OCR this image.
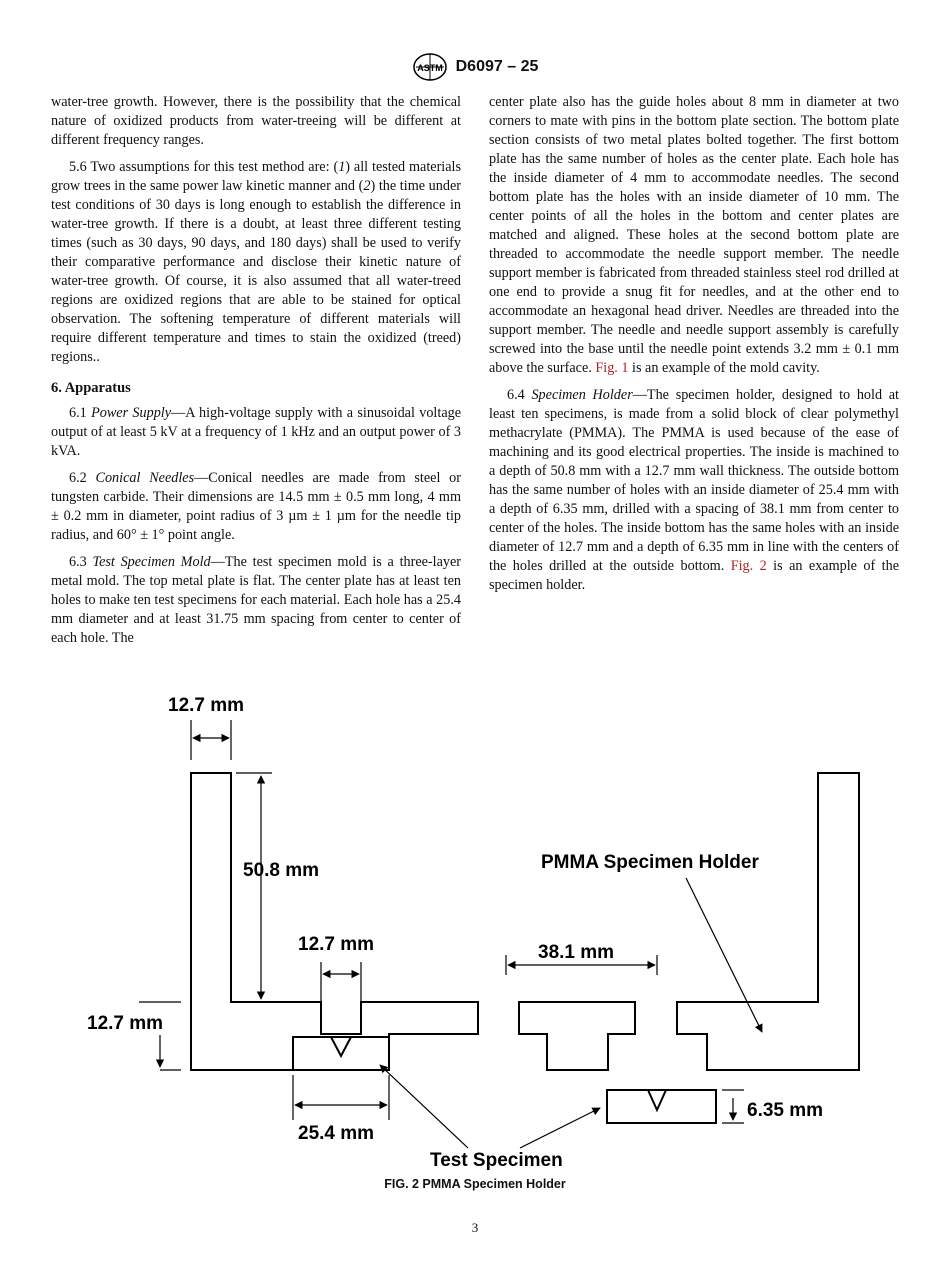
ASTM D6097 – 25

water-tree growth. However, there is the possibility that the chemical nature of oxidized products from water-treeing will be different at different frequency ranges.

5.6 Two assumptions for this test method are: (1) all tested materials grow trees in the same power law kinetic manner and (2) the time under test conditions of 30 days is long enough to establish the difference in water-tree growth. If there is a doubt, at least three different testing times (such as 30 days, 90 days, and 180 days) shall be used to verify their comparative performance and disclose their kinetic nature of water-tree growth. Of course, it is also assumed that all water-treed regions are oxidized regions that are able to be stained for optical observation. The softening temperature of different materials will require different temperature and times to stain the oxidized (treed) regions..

6. Apparatus

6.1 Power Supply—A high-voltage supply with a sinusoidal voltage output of at least 5 kV at a frequency of 1 kHz and an output power of 3 kVA.

6.2 Conical Needles—Conical needles are made from steel or tungsten carbide. Their dimensions are 14.5 mm ± 0.5 mm long, 4 mm ± 0.2 mm in diameter, point radius of 3 µm ± 1 µm for the needle tip radius, and 60° ± 1° point angle.

6.3 Test Specimen Mold—The test specimen mold is a three-layer metal mold. The top metal plate is flat. The center plate has at least ten holes to make ten test specimens for each material. Each hole has a 25.4 mm diameter and at least 31.75 mm spacing from center to center of each hole. The

center plate also has the guide holes about 8 mm in diameter at two corners to mate with pins in the bottom plate section. The bottom plate section consists of two metal plates bolted together. The first bottom plate has the same number of holes as the center plate. Each hole has the inside diameter of 4 mm to accommodate needles. The second bottom plate has the holes with an inside diameter of 10 mm. The center points of all the holes in the bottom and center plates are matched and aligned. These holes at the second bottom plate are threaded to accommodate the needle support member. The needle support member is fabricated from threaded stainless steel rod drilled at one end to provide a snug fit for needles, and at the other end to accommodate an hexagonal head driver. Needles are threaded into the support member. The needle and needle support assembly is carefully screwed into the base until the needle point extends 3.2 mm ± 0.1 mm above the surface. Fig. 1 is an example of the mold cavity.

6.4 Specimen Holder—The specimen holder, designed to hold at least ten specimens, is made from a solid block of clear polymethyl methacrylate (PMMA). The PMMA is used because of the ease of machining and its good electrical properties. The inside is machined to a depth of 50.8 mm with a 12.7 mm wall thickness. The outside bottom has the same number of holes with an inside diameter of 25.4 mm with a depth of 6.35 mm, drilled with a spacing of 38.1 mm from center to center of the holes. The inside bottom has the same holes with an inside diameter of 12.7 mm and a depth of 6.35 mm in line with the centers of the holes drilled at the outside bottom. Fig. 2 is an example of the specimen holder.

12.7 mm
50.8 mm
12.7 mm
12.7 mm
25.4 mm
38.1 mm
PMMA Specimen Holder
6.35 mm
Test Specimen
FIG. 2 PMMA Specimen Holder
3
